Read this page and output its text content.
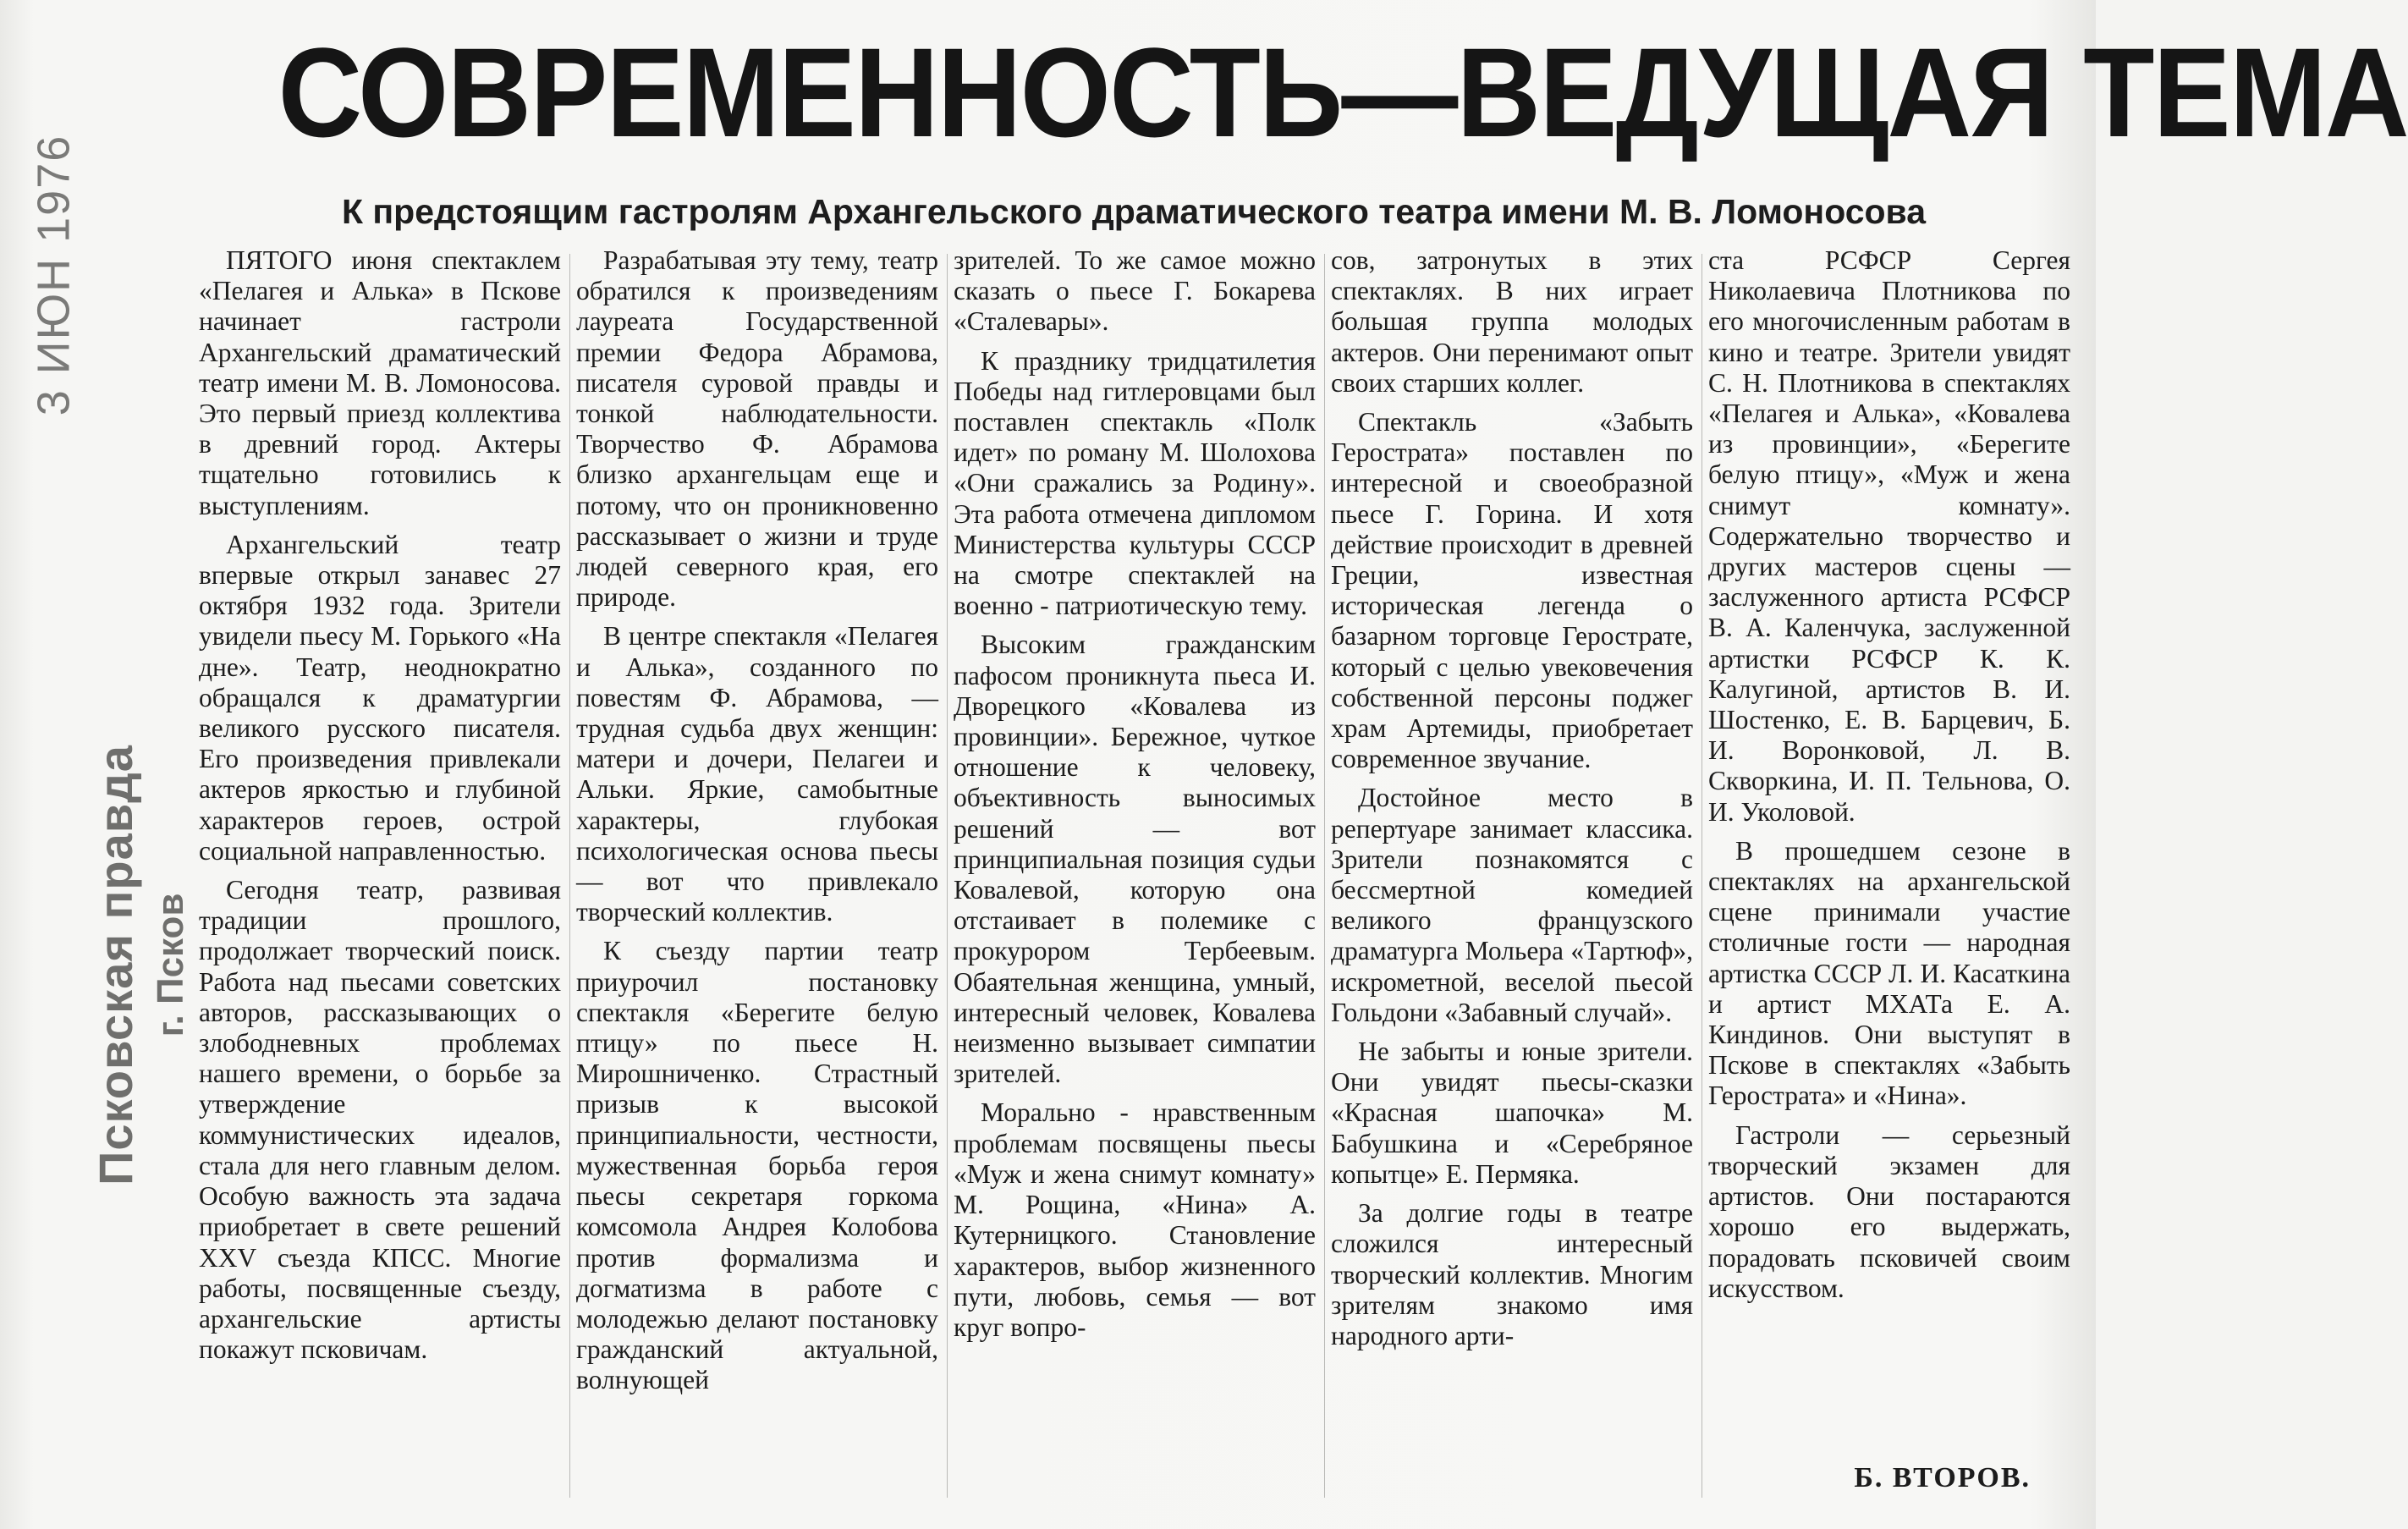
3 ИЮН 1976
Псковская правда г. Псков
СОВРЕМЕННОСТЬ—ВЕДУЩАЯ ТЕМА
К предстоящим гастролям Архангельского драматического театра имени М. В. Ломоносова

ПЯТОГО июня спектаклем «Пелагея и Алька» в Пскове начинает гастроли Архангельский драматический театр имени М. В. Ломоносова. Это первый приезд коллектива в древний город. Актеры тщательно готовились к выступлениям.

Архангельский театр впервые открыл занавес 27 октября 1932 года. Зрители увидели пьесу М. Горького «На дне». Театр, неоднократно обращался к драматургии великого русского писателя. Его произведения привлекали актеров яркостью и глубиной характеров героев, острой социальной направленностью.

Сегодня театр, развивая традиции прошлого, продолжает творческий поиск. Работа над пьесами советских авторов, рассказывающих о злободневных проблемах нашего времени, о борьбе за утверждение коммунистических идеалов, стала для него главным делом. Особую важность эта задача приобретает в свете решений XXV съезда КПСС. Многие работы, посвященные съезду, архангельские артисты покажут псковичам.

Разрабатывая эту тему, театр обратился к произведениям лауреата Государственной премии Федора Абрамова, писателя суровой правды и тонкой наблюдательности. Творчество Ф. Абрамова близко архангельцам еще и потому, что он проникновенно рассказывает о жизни и труде людей северного края, его природе.

В центре спектакля «Пелагея и Алька», созданного по повестям Ф. Абрамова, — трудная судьба двух женщин: матери и дочери, Пелагеи и Альки. Яркие, самобытные характеры, глубокая психологическая основа пьесы — вот что привлекало творческий коллектив.

К съезду партии театр приурочил постановку спектакля «Берегите белую птицу» по пьесе Н. Мирошниченко. Страстный призыв к высокой принципиальности, честности, мужественная борьба героя пьесы секретаря горкома комсомола Андрея Колобова против формализма и догматизма в работе с молодежью делают постановку гражданский актуальной, волнующей

зрителей. То же самое можно сказать о пьесе Г. Бокарева «Сталевары».

К празднику тридцатилетия Победы над гитлеровцами был поставлен спектакль «Полк идет» по роману М. Шолохова «Они сражались за Родину». Эта работа отмечена дипломом Министерства культуры СССР на смотре спектаклей на военно - патриотическую тему.

Высоким гражданским пафосом проникнута пьеса И. Дворецкого «Ковалева из провинции». Бережное, чуткое отношение к человеку, объективность выносимых решений — вот принципиальная позиция судьи Ковалевой, которую она отстаивает в полемике с прокурором Тербеевым. Обаятельная женщина, умный, интересный человек, Ковалева неизменно вызывает симпатии зрителей.

Морально - нравственным проблемам посвящены пьесы «Муж и жена снимут комнату» М. Рощина, «Нина» А. Кутерницкого. Становление характеров, выбор жизненного пути, любовь, семья — вот круг вопро-

сов, затронутых в этих спектаклях. В них играет большая группа молодых актеров. Они перенимают опыт своих старших коллег.

Спектакль «Забыть Герострата» поставлен по интересной и своеобразной пьесе Г. Горина. И хотя действие происходит в древней Греции, известная историческая легенда о базарном торговце Герострате, который с целью увековечения собственной персоны поджег храм Артемиды, приобретает современное звучание.

Достойное место в репертуаре занимает классика. Зрители познакомятся с бессмертной комедией великого французского драматурга Мольера «Тартюф», искрометной, веселой пьесой Гольдони «Забавный случай».

Не забыты и юные зрители. Они увидят пьесы-сказки «Красная шапочка» М. Бабушкина и «Серебряное копытце» Е. Пермяка.

За долгие годы в театре сложился интересный творческий коллектив. Многим зрителям знакомо имя народного арти-

ста РСФСР Сергея Николаевича Плотникова по его многочисленным работам в кино и театре. Зрители увидят С. Н. Плотникова в спектаклях «Пелагея и Алька», «Ковалева из провинции», «Берегите белую птицу», «Муж и жена снимут комнату». Содержательно творчество и других мастеров сцены — заслуженного артиста РСФСР В. А. Каленчука, заслуженной артистки РСФСР К. К. Калугиной, артистов В. И. Шостенко, Е. В. Барцевич, Б. И. Воронковой, Л. В. Скворкина, И. П. Тельнова, О. И. Уколовой.

В прошедшем сезоне в спектаклях на архангельской сцене принимали участие столичные гости — народная артистка СССР Л. И. Касаткина и артист МХАТа Е. А. Киндинов. Они выступят в Пскове в спектаклях «Забыть Герострата» и «Нина».

Гастроли — серьезный творческий экзамен для артистов. Они постараются хорошо его выдержать, порадовать псковичей своим искусством.

Б. ВТОРОВ.
